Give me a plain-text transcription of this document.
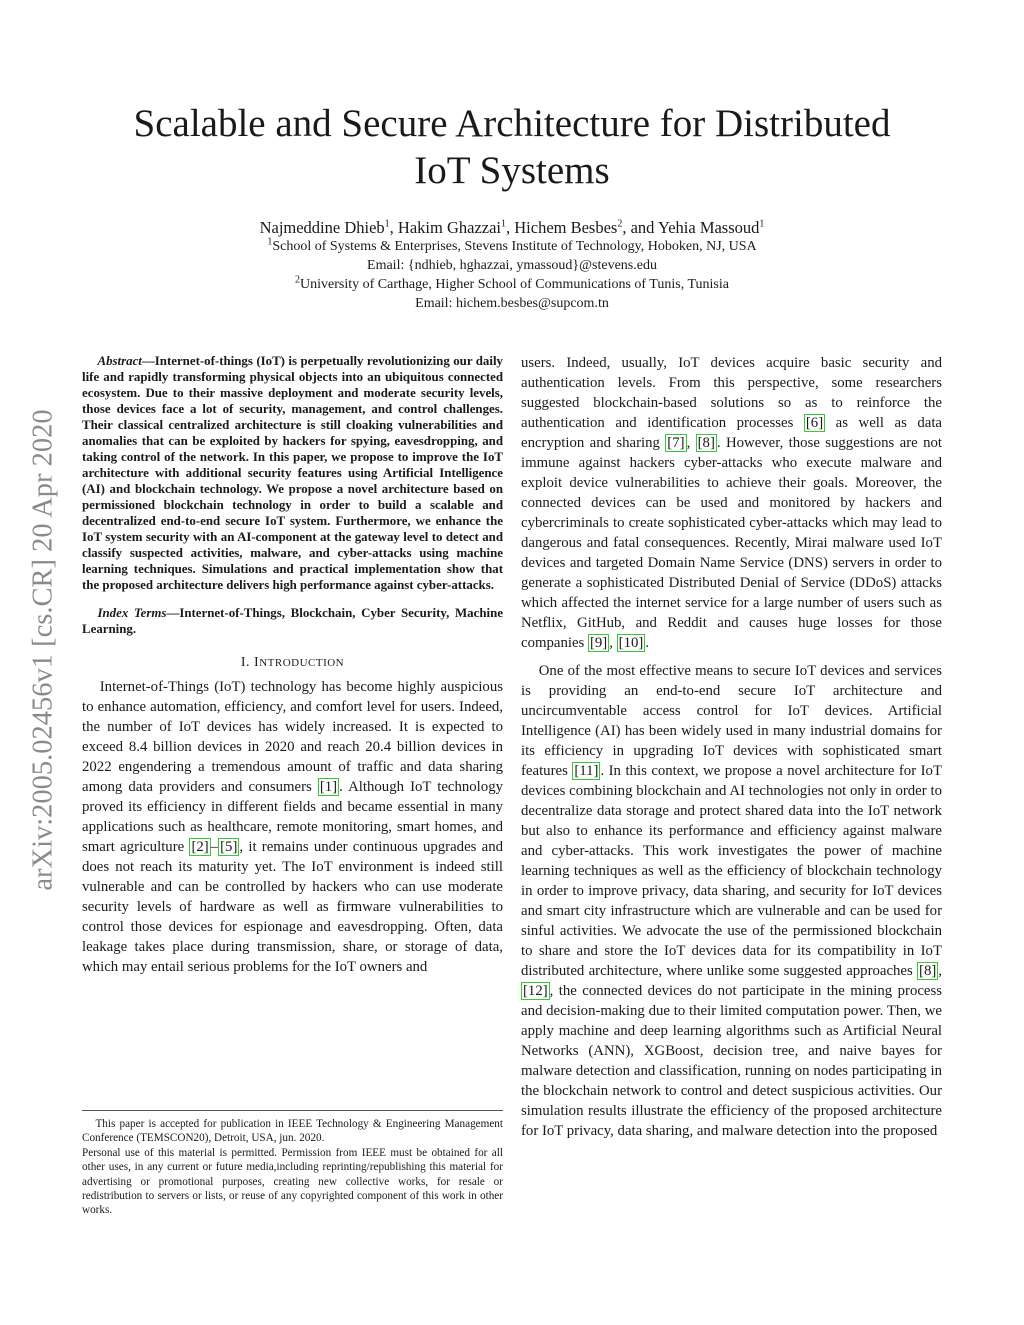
arXiv:2005.02456v1 [cs.CR] 20 Apr 2020
Scalable and Secure Architecture for Distributed
IoT Systems
Najmeddine Dhieb$^1$, Hakim Ghazzai$^1$, Hichem Besbes$^2$, and Yehia Massoud$^1$
$^1$School of Systems & Enterprises, Stevens Institute of Technology, Hoboken, NJ, USA
Email: {ndhieb, hghazzai, ymassoud}@stevens.edu
$^2$University of Carthage, Higher School of Communications of Tunis, Tunisia
Email: hichem.besbes@supcom.tn

Abstract—Internet-of-things (IoT) is perpetually revolutionizing our daily life and rapidly transforming physical objects into an ubiquitous connected ecosystem. Due to their massive deployment and moderate security levels, those devices face a lot of security, management, and control challenges. Their classical centralized architecture is still cloaking vulnerabilities and anomalies that can be exploited by hackers for spying, eavesdropping, and taking control of the network. In this paper, we propose to improve the IoT architecture with additional security features using Artificial Intelligence (AI) and blockchain technology. We propose a novel architecture based on permissioned blockchain technology in order to build a scalable and decentralized end-to-end secure IoT system. Furthermore, we enhance the IoT system security with an AI-component at the gateway level to detect and classify suspected activities, malware, and cyber-attacks using machine learning techniques. Simulations and practical implementation show that the proposed architecture delivers high performance against cyber-attacks.

Index Terms—Internet-of-Things, Blockchain, Cyber Security, Machine Learning.

I. INTRODUCTION

Internet-of-Things (IoT) technology has become highly auspicious to enhance automation, efficiency, and comfort level for users. Indeed, the number of IoT devices has widely increased. It is expected to exceed 8.4 billion devices in 2020 and reach 20.4 billion devices in 2022 engendering a tremendous amount of traffic and data sharing among data providers and consumers [1] . Although IoT technology proved its efficiency in different fields and became essential in many applications such as healthcare, remote monitoring, smart homes, and smart agriculture [2] – [5] , it remains under continuous upgrades and does not reach its maturity yet. The IoT environment is indeed still vulnerable and can be controlled by hackers who can use moderate security levels of hardware as well as firmware vulnerabilities to control those devices for espionage and eavesdropping. Often, data leakage takes place during transmission, share, or storage of data, which may entail serious problems for the IoT owners and

users. Indeed, usually, IoT devices acquire basic security and authentication levels. From this perspective, some researchers suggested blockchain-based solutions so as to reinforce the authentication and identification processes [6] as well as data encryption and sharing [7] , [8] . However, those suggestions are not immune against hackers cyber-attacks who execute malware and exploit device vulnerabilities to achieve their goals. Moreover, the connected devices can be used and monitored by hackers and cybercriminals to create sophisticated cyber-attacks which may lead to dangerous and fatal consequences. Recently, Mirai malware used IoT devices and targeted Domain Name Service (DNS) servers in order to generate a sophisticated Distributed Denial of Service (DDoS) attacks which affected the internet service for a large number of users such as Netflix, GitHub, and Reddit and causes huge losses for those companies [9] , [10] .

One of the most effective means to secure IoT devices and services is providing an end-to-end secure IoT architecture and uncircumventable access control for IoT devices. Artificial Intelligence (AI) has been widely used in many industrial domains for its efficiency in upgrading IoT devices with sophisticated smart features [11] . In this context, we propose a novel architecture for IoT devices combining blockchain and AI technologies not only in order to decentralize data storage and protect shared data into the IoT network but also to enhance its performance and efficiency against malware and cyber-attacks. This work investigates the power of machine learning techniques as well as the efficiency of blockchain technology in order to improve privacy, data sharing, and security for IoT devices and smart city infrastructure which are vulnerable and can be used for sinful activities. We advocate the use of the permissioned blockchain to share and store the IoT devices data for its compatibility in IoT distributed architecture, where unlike some suggested approaches [8] ,[12] , the connected devices do not participate in the mining process and decision-making due to their limited computation power. Then, we apply machine and deep learning algorithms such as Artificial Neural Networks (ANN), XGBoost, decision tree, and naive bayes for malware detection and classification, running on nodes participating in the blockchain network to control and detect suspicious activities. Our simulation results illustrate the efficiency of the proposed architecture for IoT privacy, data sharing, and malware detection into the proposed

This paper is accepted for publication in IEEE Technology & Engineering Management Conference (TEMSCON20), Detroit, USA, jun. 2020.

Personal use of this material is permitted. Permission from IEEE must be obtained for all other uses, in any current or future media,including reprinting/republishing this material for advertising or promotional purposes, creating new collective works, for resale or redistribution to servers or lists, or reuse of any copyrighted component of this work in other works.
